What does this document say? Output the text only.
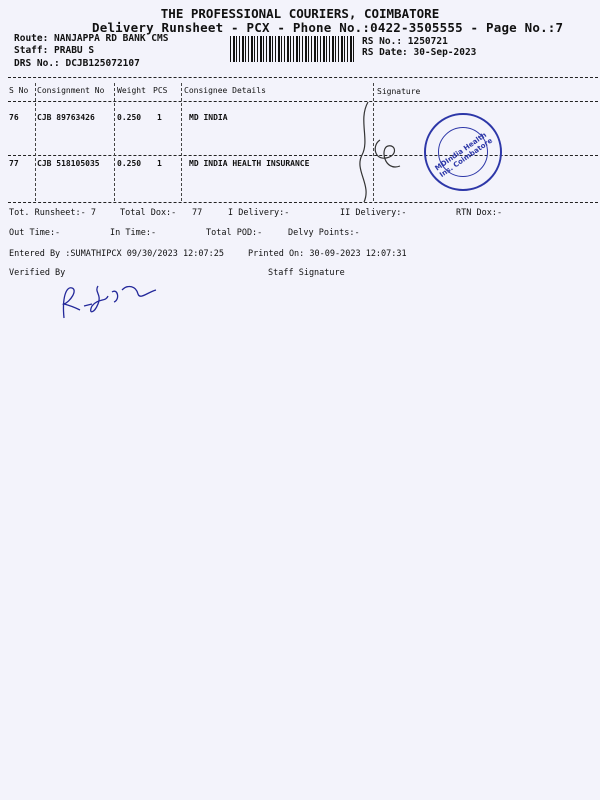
THE PROFESSIONAL COURIERS, COIMBATORE
Delivery Runsheet - PCX - Phone No.:0422-3505555 - Page No.:7
Route: NANJAPPA RD BANK CMS
Staff: PRABU S
DRS No.: DCJB125072107
RS No.: 1250721
RS Date: 30-Sep-2023
S No Consignment No Weight PCS Consignee Details	Signature
76 CJB 89763426	0.250 1	MD INDIA
77 CJB 518105035 0.250 1	MD INDIA HEALTH INSURANCE	MDIndia Health Ins. Coimbatore
Tot. Runsheet:- 7	Total Dox:- 77	I Delivery:-	II Delivery:-	RTN Dox:-
Out Time:-	In Time:-	Total POD:-	Delvy Points:-
Entered By :SUMATHIPCX 09/30/2023 12:07:25	Printed On: 30-09-2023 12:07:31
Verified By	Staff Signature
